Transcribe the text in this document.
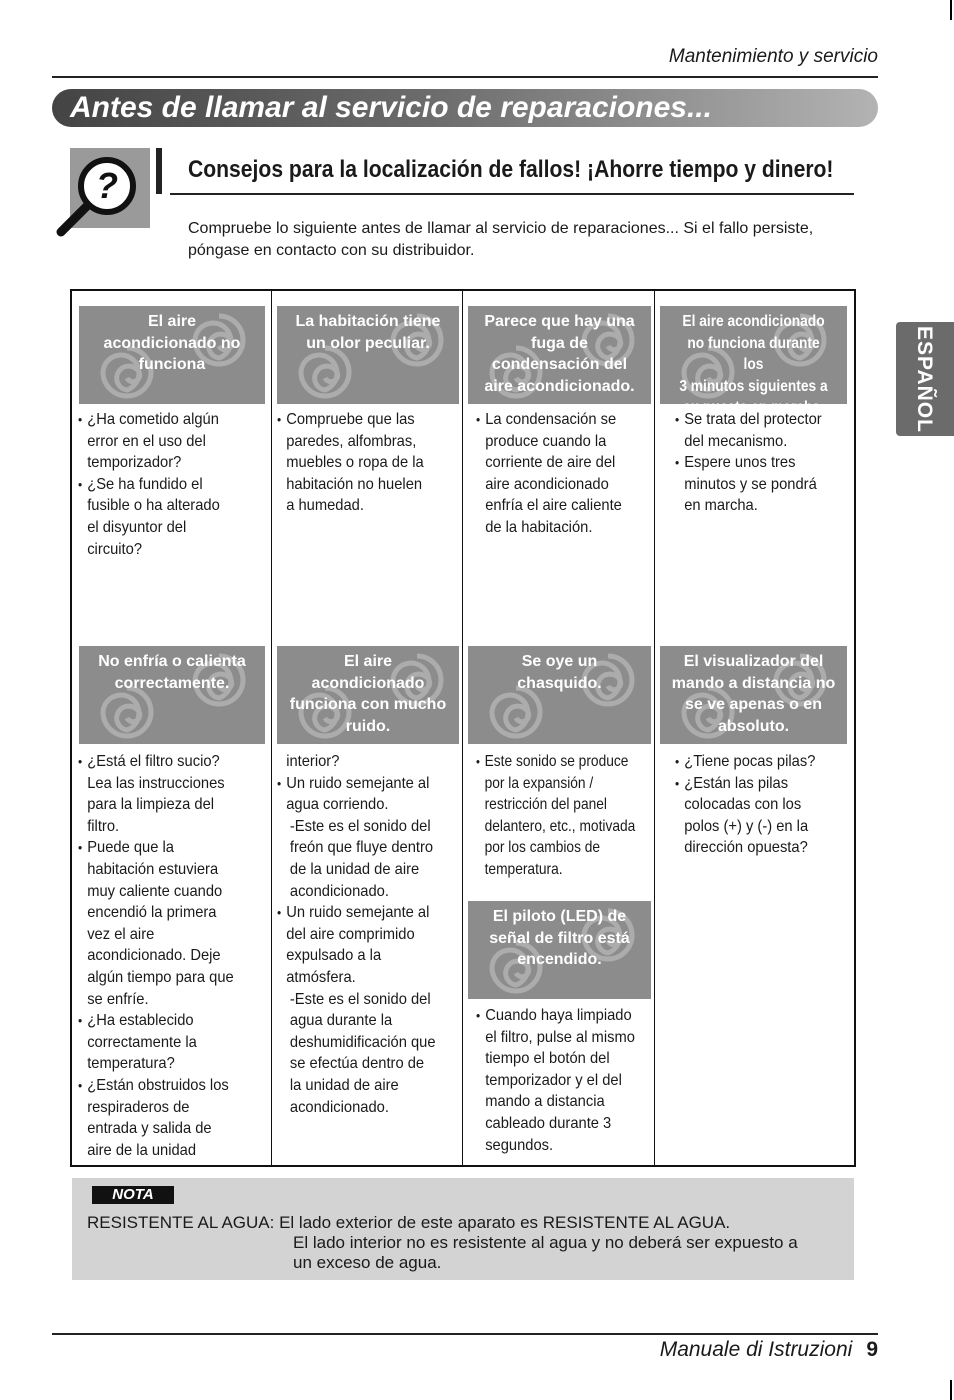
Mantenimiento y servicio
Antes de llamar al servicio de reparaciones...
?	Consejos para la localización de fallos! ¡Ahorre tiempo y dinero!
Compruebe lo siguiente antes de llamar al servicio de reparaciones... Si el fallo persiste,
póngase en contacto con su distribuidor.
ESPAÑOL
El aire
acondicionado no
funciona
• ¿Ha cometido algún
error en el uso del
temporizador?
• ¿Se ha fundido el
fusible o ha alterado
el disyuntor del
circuito?
La habitación tiene
un olor peculiar.
• Compruebe que las
paredes, alfombras,
muebles o ropa de la
habitación no huelen
a humedad.
Parece que hay una
fuga de
condensación del
aire acondicionado.
• La condensación se
produce cuando la
corriente de aire del
aire acondicionado
enfría el aire caliente
de la habitación.
El aire acondicionado
no funciona durante los
3 minutos siguientes a
su puesta en marcha.
• Se trata del protector
del mecanismo.
• Espere unos tres
minutos y se pondrá
en marcha.
No enfría o calienta
correctamente.
• ¿Está el filtro sucio?
Lea las instrucciones
para la limpieza del
filtro.
• Puede que la
habitación estuviera
muy caliente cuando
encendió la primera
vez el aire
acondicionado. Deje
algún tiempo para que
se enfríe.
• ¿Ha establecido
correctamente la
temperatura?
• ¿Están obstruidos los
respiraderos de
entrada y salida de
aire de la unidad
El aire
acondicionado
funciona con mucho
ruido.
interior?
• Un ruido semejante al
agua corriendo.
-Este es el sonido del
freón que fluye dentro
de la unidad de aire
acondicionado.
• Un ruido semejante al
del aire comprimido
expulsado a la
atmósfera.
-Este es el sonido del
agua durante la
deshumidificación que
se efectúa dentro de
la unidad de aire
acondicionado.
Se oye un
chasquido.
• Este sonido se produce
por la expansión /
restricción del panel
delantero, etc., motivada
por los cambios de
temperatura.
El visualizador del
mando a distancia no
se ve apenas o en
absoluto.
• ¿Tiene pocas pilas?
• ¿Están las pilas
colocadas con los
polos (+) y (-) en la
dirección opuesta?
El piloto (LED) de
señal de filtro está
encendido.
• Cuando haya limpiado
el filtro, pulse al mismo
tiempo el botón del
temporizador y el del
mando a distancia
cableado durante 3
segundos.
NOTA
RESISTENTE AL AGUA: El lado exterior de este aparato es RESISTENTE AL AGUA.
El lado interior no es resistente al agua y no deberá ser expuesto a
un exceso de agua.
Manuale di Istruzioni 9
